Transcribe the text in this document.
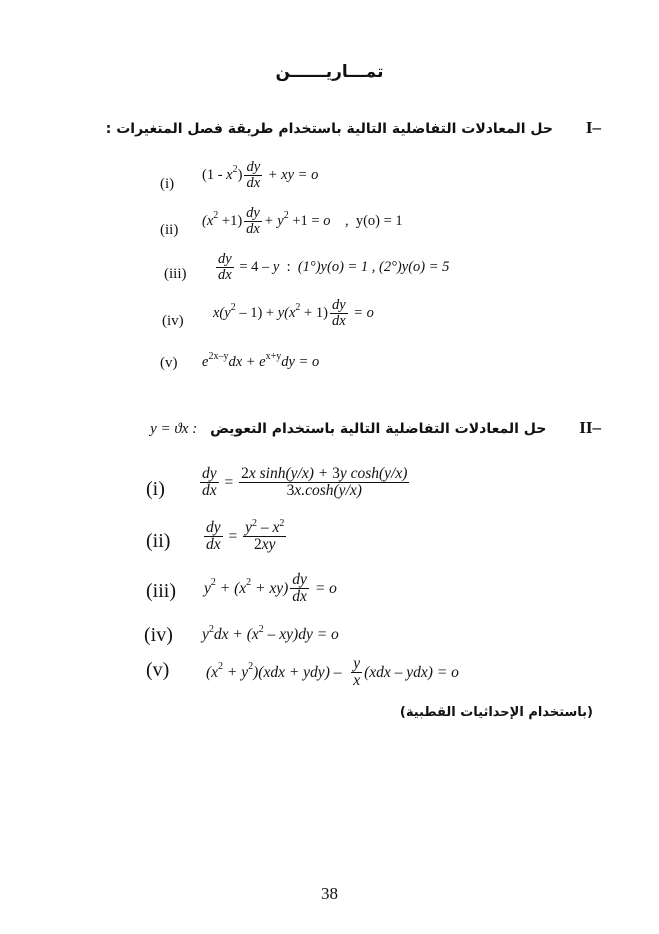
تمـــاريــــــن
–I حل المعادلات التفاضلية التالية باستخدام طريقة فصل المتغيرات :
(i)
(1 - x 2 ) $\frac{dy}{dx}$ + xy = o
(ii)
(x $2 +1) \frac{dy}{dx} + y$ 2 +1 = o    , y(o) = 1
$(iii) \frac{dy}{dx} = 4 - y$ : (1°)y(o) = 1 , (2°)y(o) = 5
(iv) x(y 2 – 1) + y(x $2 + 1) \frac{dy}{dx} = o$
(v) e 2x–y dx + e x+y dy = o
–II حل المعادلات التفاضلية التالية باستخدام التعويض y = ϑx :
$(i) \frac{dy}{dx} = \frac{\text{2x sinh(y/x) + 3y cosh(y/x)}}{3x.\cosh(y/x)}$
$(ii) \frac{dy}{dx} = \frac{y^2 - x^2}{2xy}$
(iii) y 2 + (x $2 + xy) \frac{dy}{dx} = o$
(iv) y 2 dx + (x 2 – xy)dy = o
(v) (x 2 + y 2 )$(xdx + ydy) - \frac{y}{x} (xdx - ydx) = o$
(باستخدام الإحداثيات القطبية)
38
